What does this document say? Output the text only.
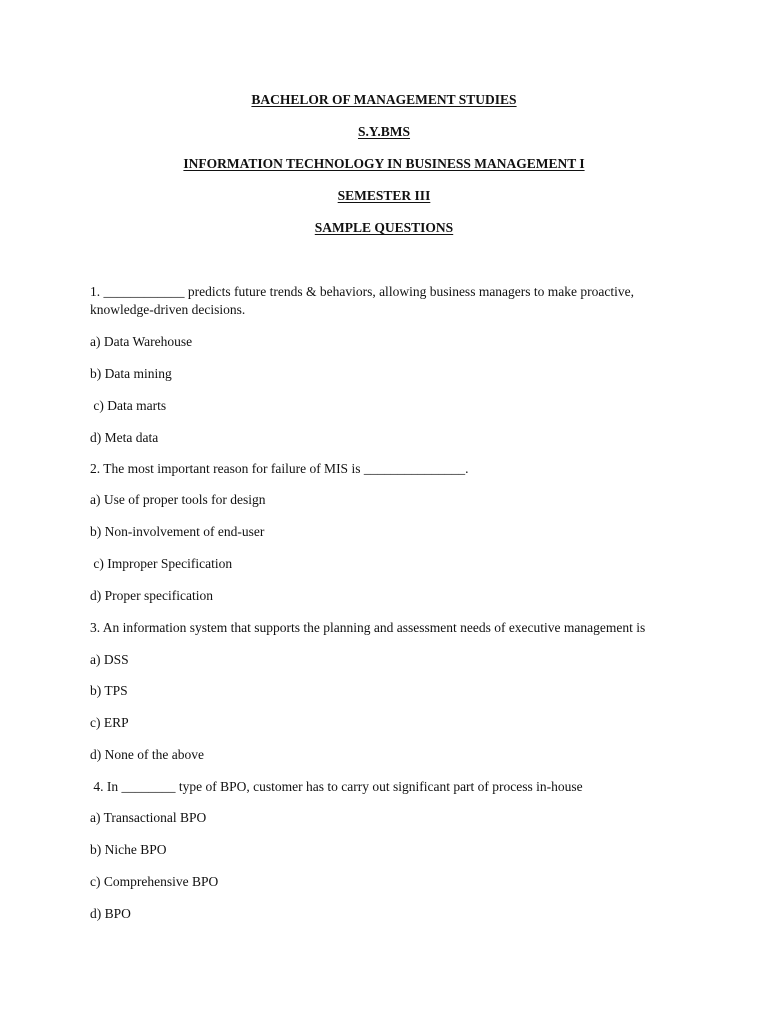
BACHELOR OF MANAGEMENT STUDIES
S.Y.BMS
INFORMATION TECHNOLOGY IN BUSINESS MANAGEMENT I
SEMESTER III
SAMPLE QUESTIONS
1. ____________ predicts future trends & behaviors, allowing business managers to make proactive, knowledge-driven decisions.
a) Data Warehouse
b) Data mining
c) Data marts
d) Meta data
2. The most important reason for failure of MIS is _______________.
a) Use of proper tools for design
b) Non-involvement of end-user
c) Improper Specification
d) Proper specification
3. An information system that supports the planning and assessment needs of executive management is
a) DSS
b) TPS
c) ERP
d) None of the above
4. In ________ type of BPO, customer has to carry out significant part of process in-house
a) Transactional BPO
b) Niche BPO
c) Comprehensive BPO
d) BPO
